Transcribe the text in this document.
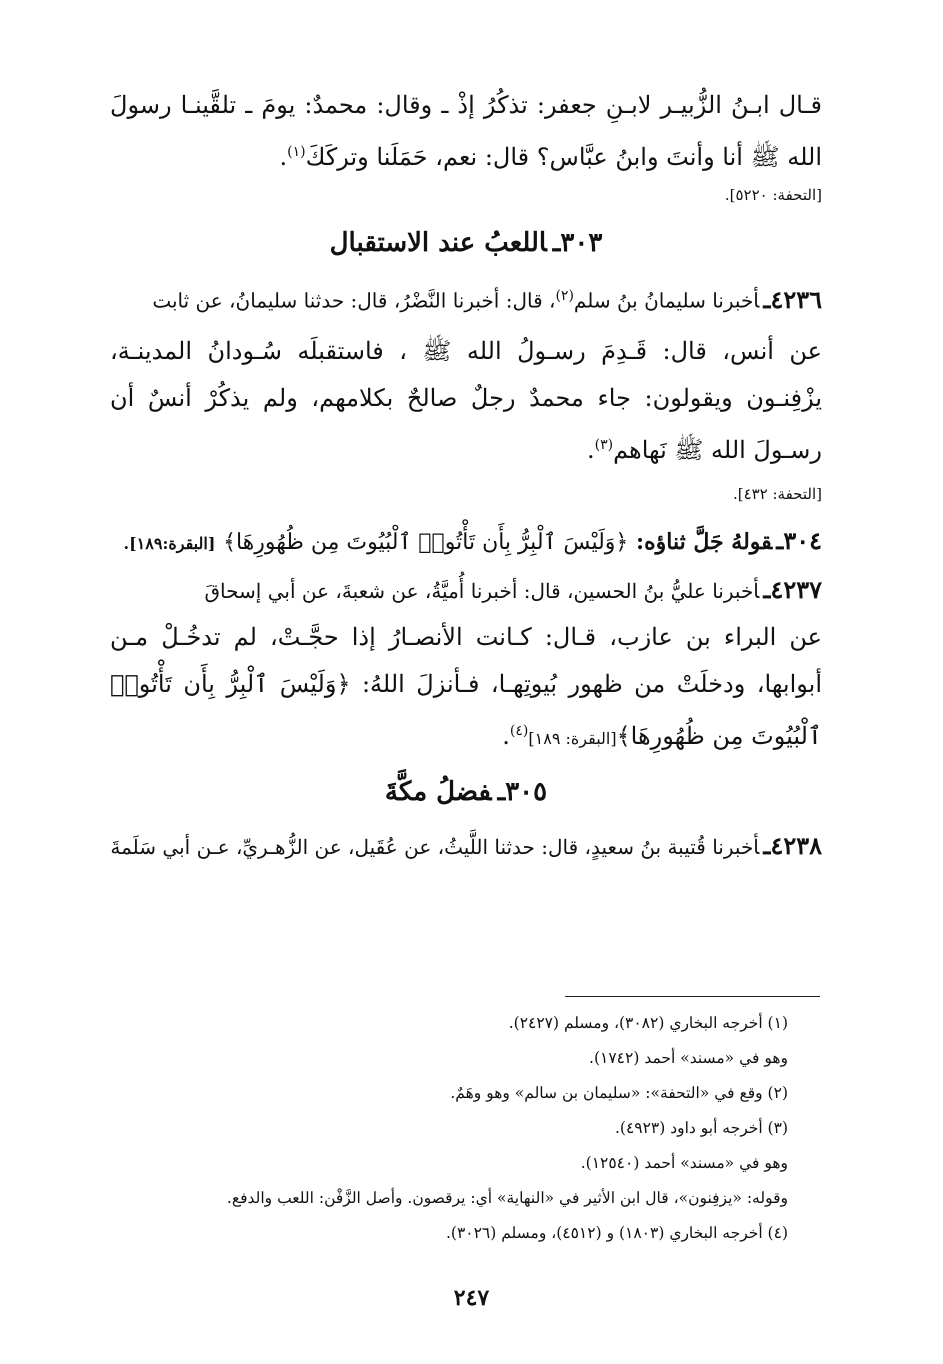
قـال ابـنُ الزُّبيـر لابـنِ جعفر: تذكُرُ إذْ ـ وقال: محمدٌ: يومَ ـ تلقَّينـا رسولَ الله ﷺ أنا وأنتَ وابنُ عبَّاس؟ قال: نعم، حَمَلَنا وتركَكَ$^{(١)}$.

[التحفة: ٥٢٢٠].
٣٠٣ـاللعبُ عند الاستقبال

٤٢٣٦ـأخبرنا سليمانُ بنُ سلم$^{(٢)}$، قال: أخبرنا النَّضْرُ، قال: حدثنا سليمانُ، عن ثابت

عن أنس، قال: قَـدِمَ رسـولُ الله ﷺ ، فاستقبلَه سُـودانُ المدينـة، يزْفِنـون ويقولون: جاء محمدٌ رجلٌ صالحٌ بكلامهم، ولم يذكُرْ أنسٌ أن رسـولَ الله ﷺ نَهاهم$^{(٣)}$.

[التحفة: ٤٣٢].

٣٠٤ـقولهُ جَلَّ ثناؤه: ﴿وَلَيْسَ ٱلْبِرُّ بِأَن تَأْتُوا۟ ٱلْبُيُوتَ مِن ظُهُورِهَا﴾ [البقرة:١٨٩].

٤٢٣٧ـأخبرنا عليُّ بنُ الحسين، قال: أخبرنا أُميَّةُ، عن شعبةَ، عن أبي إسحاقَ

عن البراء بن عازب، قـال: كـانت الأنصـارُ إذا حجَّـتْ، لم تدخُـلْ مـن أبوابها، ودخلَتْ من ظهور بُيوتِهـا، فـأنزلَ اللهُ: ﴿وَلَيْسَ ٱلْبِرُّ بِأَن تَأْتُوا۟ ٱلْبُيُوتَ مِن ظُهُورِهَا﴾[البقرة: ١٨٩]$^{(٤)}$.

٣٠٥ـفضلُ مكَّةَ

٤٢٣٨ـأخبرنا قُتيبة بنُ سعيدٍ، قال: حدثنا اللَّيثُ، عن عُقَيل، عن الزُّهـريِّ، عـن أبي سَلَمةَ

(١) أخرجه البخاري (٣٠٨٢)، ومسلم (٢٤٢٧).
وهو في «مسند» أحمد (١٧٤٢).
(٢) وقع في «التحفة»: «سليمان بن سالم» وهو وهَمٌ.
(٣) أخرجه أبو داود (٤٩٢٣).
وهو في «مسند» أحمد (١٢٥٤٠).
وقوله: «يزفِنون»، قال ابن الأثير في «النهاية» أي: يرقصون. وأصل الزَّفْن: اللعب والدفع.
(٤) أخرجه البخاري (١٨٠٣) و (٤٥١٢)، ومسلم (٣٠٢٦).
٢٤٧
